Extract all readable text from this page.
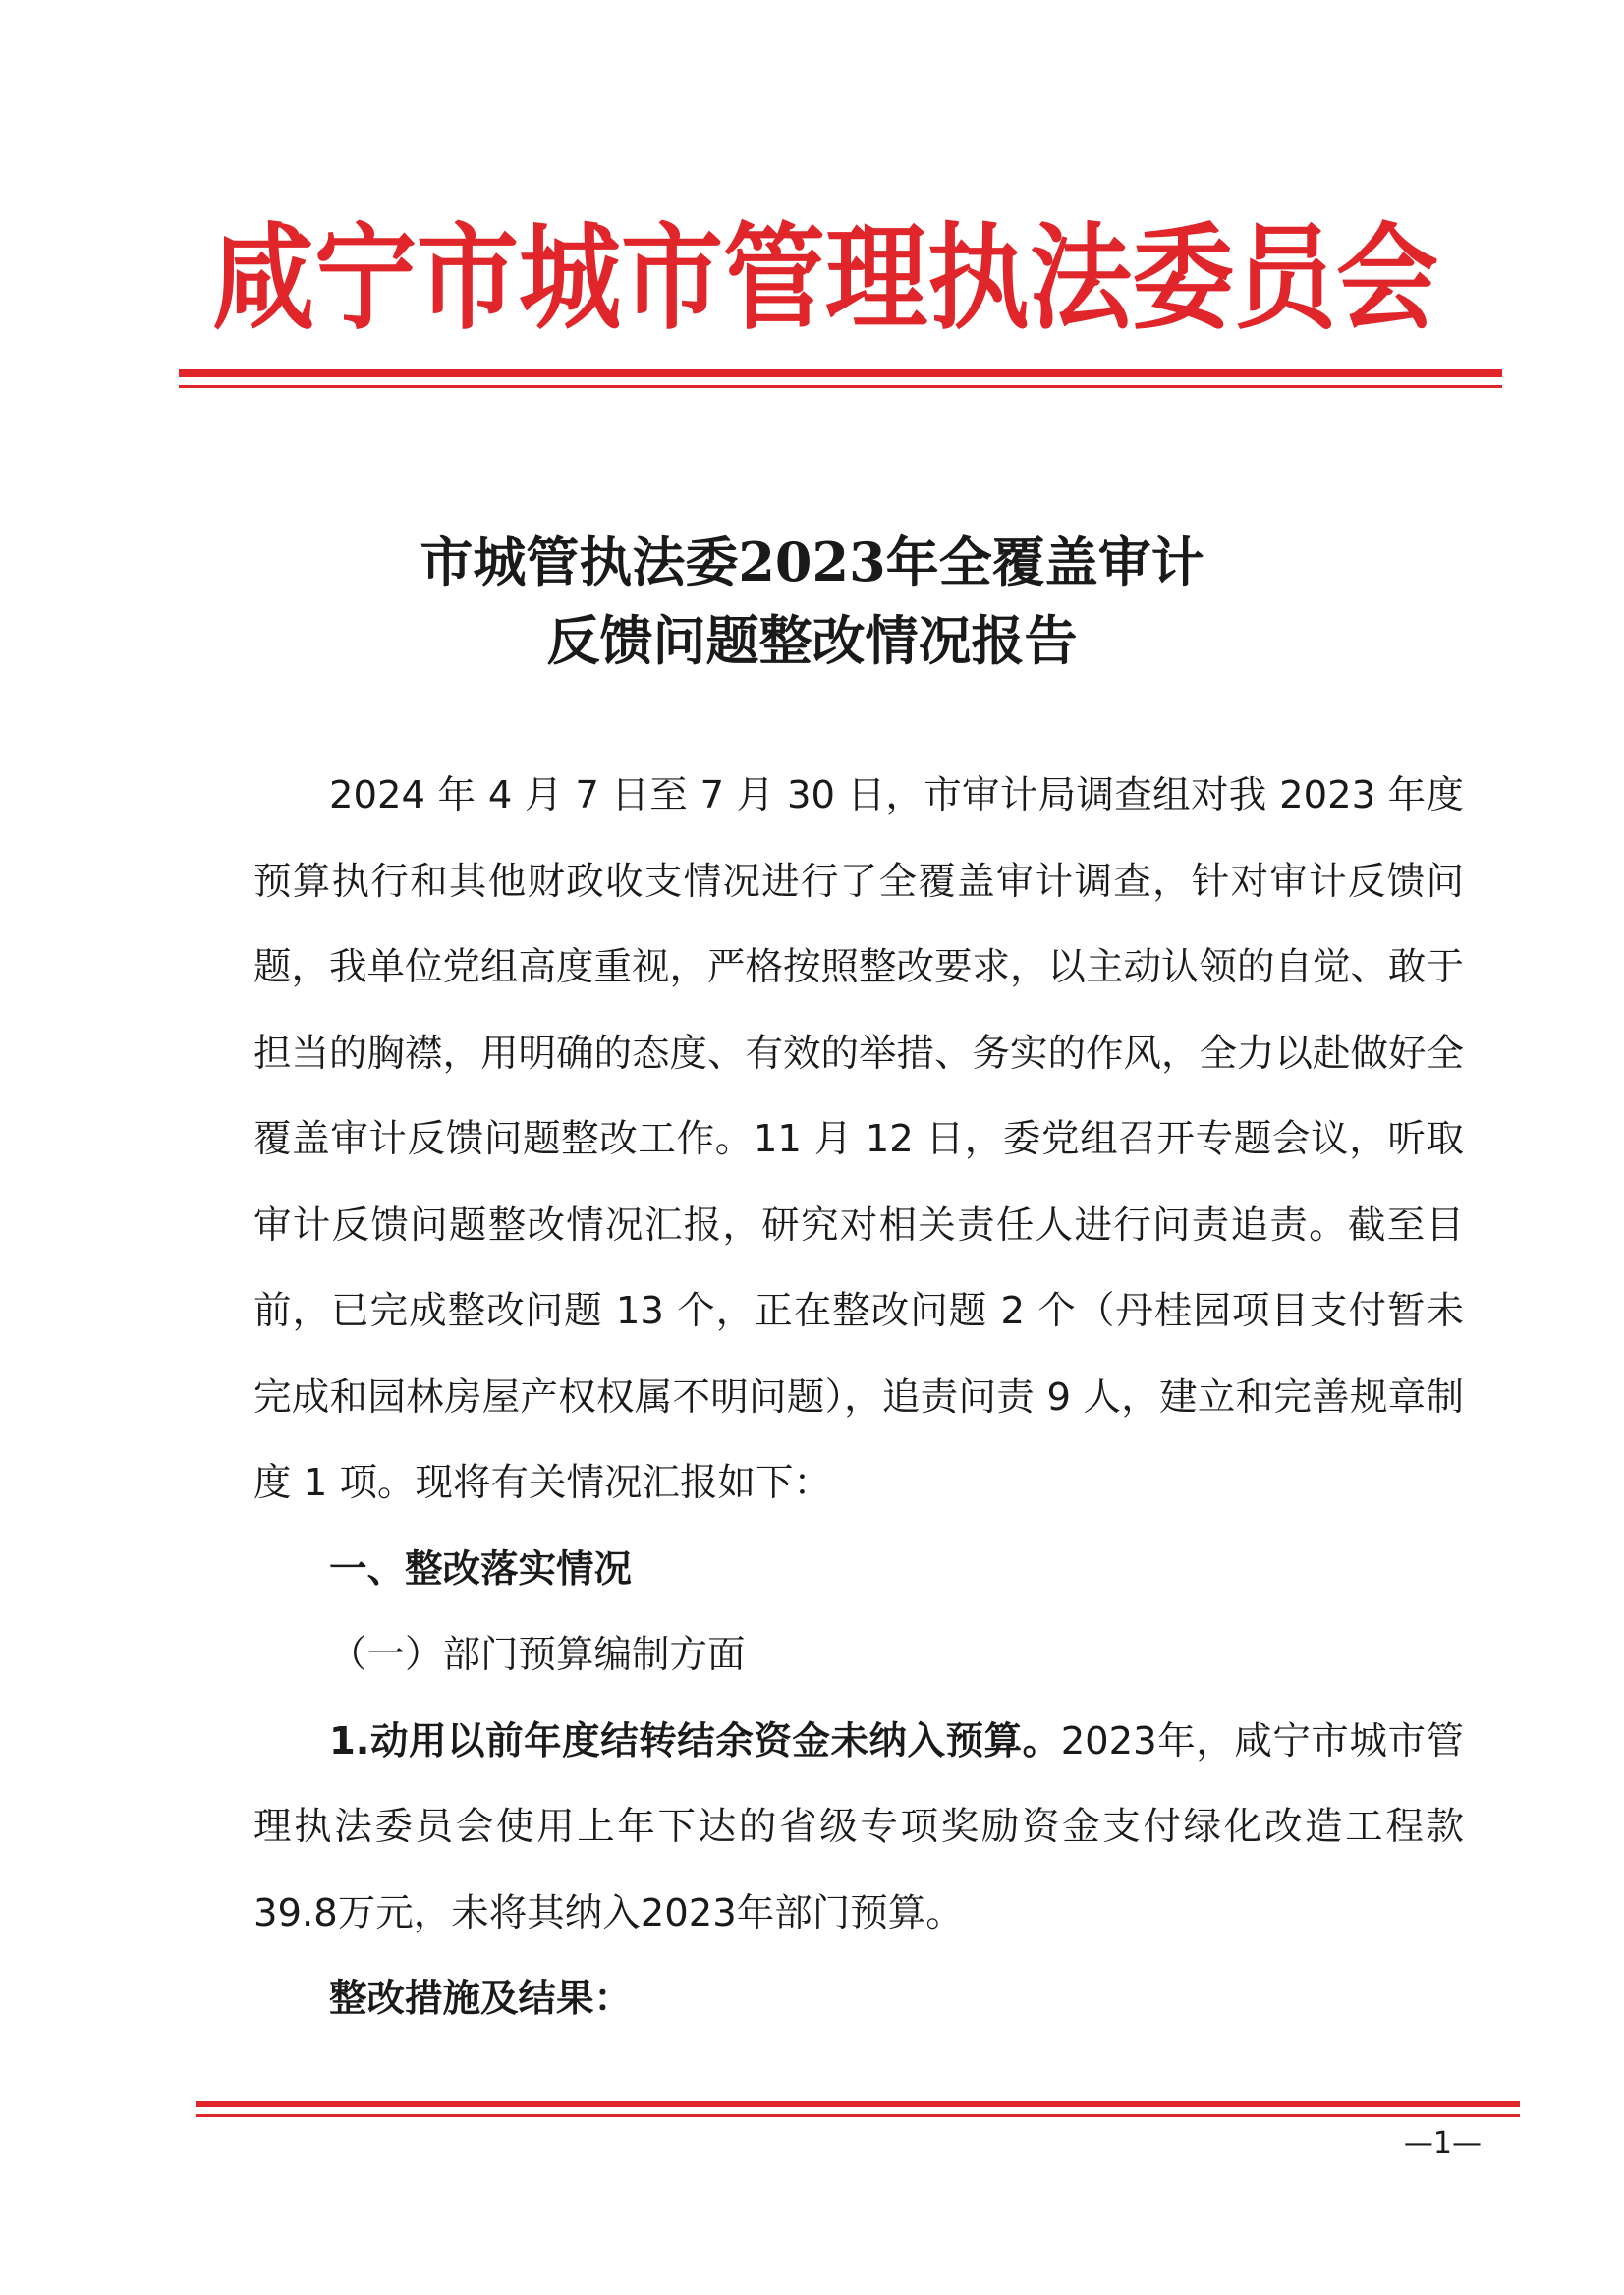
咸宁市城市管理执法委员会
市城管执法委2023年全覆盖审计
反馈问题整改情况报告

2024 年 4 月 7 日至 7 月 30 日，市审计局调查组对我 2023 年度预算执行和其他财政收支情况进行了全覆盖审计调查，针对审计反馈问题，我单位党组高度重视，严格按照整改要求，以主动认领的自觉、敢于担当的胸襟，用明确的态度、有效的举措、务实的作风，全力以赴做好全覆盖审计反馈问题整改工作。11 月 12 日，委党组召开专题会议，听取审计反馈问题整改情况汇报，研究对相关责任人进行问责追责。截至目前，已完成整改问题 13 个，正在整改问题 2 个（丹桂园项目支付暂未完成和园林房屋产权权属不明问题），追责问责 9 人，建立和完善规章制度 1 项。现将有关情况汇报如下：

一、整改落实情况

（一）部门预算编制方面

1.动用以前年度结转结余资金未纳入预算。2023年，咸宁市城市管理执法委员会使用上年下达的省级专项奖励资金支付绿化改造工程款39.8万元，未将其纳入2023年部门预算。

整改措施及结果：

—1—
